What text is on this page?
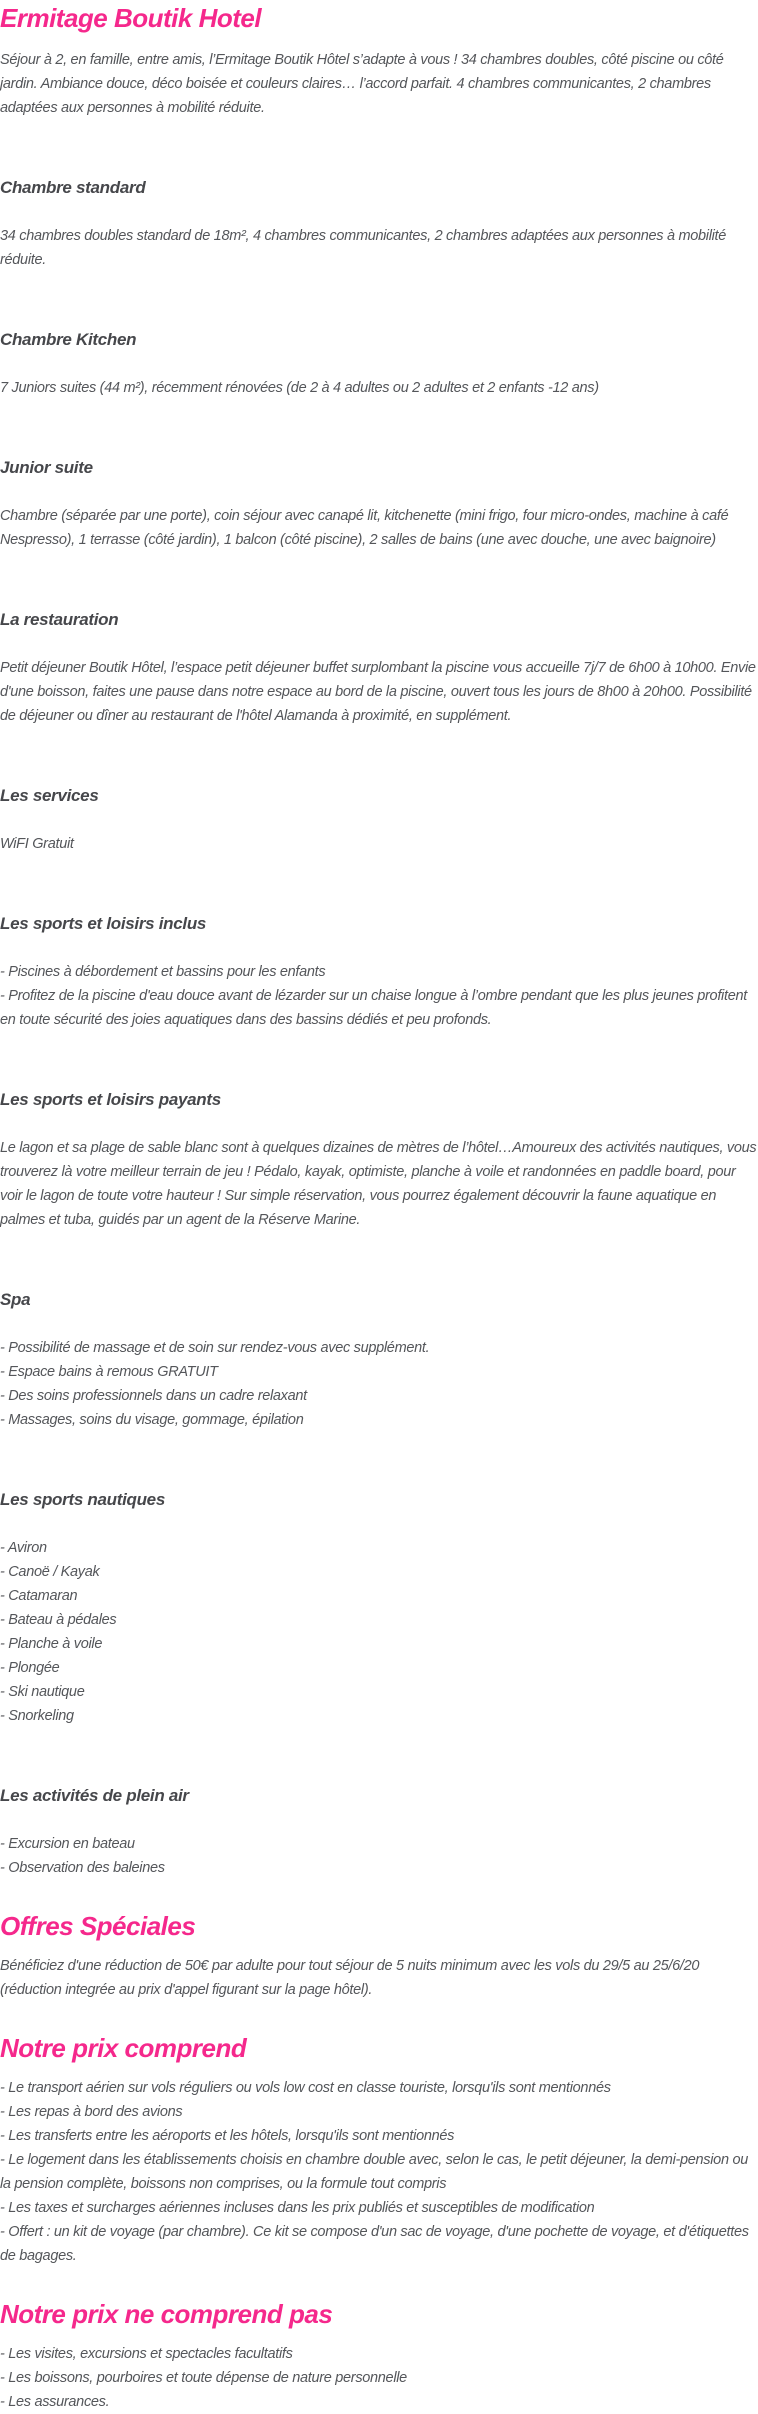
Ermitage Boutik Hotel

Séjour à 2, en famille, entre amis, l’Ermitage Boutik Hôtel s’adapte à vous ! 34 chambres doubles, côté piscine ou côté jardin. Ambiance douce, déco boisée et couleurs claires… l’accord parfait. 4 chambres communicantes, 2 chambres adaptées aux personnes à mobilité réduite.

Chambre standard
34 chambres doubles standard de 18m², 4 chambres communicantes, 2 chambres adaptées aux personnes à mobilité réduite.
Chambre Kitchen
7 Juniors suites (44 m²), récemment rénovées (de 2 à 4 adultes ou 2 adultes et 2 enfants -12 ans)
Junior suite
Chambre (séparée par une porte), coin séjour avec canapé lit, kitchenette (mini frigo, four micro-ondes, machine à café Nespresso), 1 terrasse (côté jardin), 1 balcon (côté piscine), 2 salles de bains (une avec douche, une avec baignoire)
La restauration
Petit déjeuner Boutik Hôtel, l’espace petit déjeuner buffet surplombant la piscine vous accueille 7j/7 de 6h00 à 10h00. Envie d'une boisson, faites une pause dans notre espace au bord de la piscine, ouvert tous les jours de 8h00 à 20h00. Possibilité de déjeuner ou dîner au restaurant de l'hôtel Alamanda à proximité, en supplément.
Les services
WiFI Gratuit
Les sports et loisirs inclus
- Piscines à débordement et bassins pour les enfants
- Profitez de la piscine d'eau douce avant de lézarder sur un chaise longue à l’ombre pendant que les plus jeunes profitent en toute sécurité des joies aquatiques dans des bassins dédiés et peu profonds.
Les sports et loisirs payants
Le lagon et sa plage de sable blanc sont à quelques dizaines de mètres de l’hôtel…Amoureux des activités nautiques, vous trouverez là votre meilleur terrain de jeu ! Pédalo, kayak, optimiste, planche à voile et randonnées en paddle board, pour voir le lagon de toute votre hauteur ! Sur simple réservation, vous pourrez également découvrir la faune aquatique en palmes et tuba, guidés par un agent de la Réserve Marine.
Spa
- Possibilité de massage et de soin sur rendez-vous avec supplément.
- Espace bains à remous GRATUIT
- Des soins professionnels dans un cadre relaxant
- Massages, soins du visage, gommage, épilation
Les sports nautiques
- Aviron
- Canoë / Kayak
- Catamaran
- Bateau à pédales
- Planche à voile
- Plongée
- Ski nautique
- Snorkeling
Les activités de plein air
- Excursion en bateau
- Observation des baleines
Offres Spéciales
Bénéficiez d'une réduction de 50€ par adulte pour tout séjour de 5 nuits minimum avec les vols du 29/5 au 25/6/20 (réduction integrée au prix d'appel figurant sur la page hôtel).
Notre prix comprend
- Le transport aérien sur vols réguliers ou vols low cost en classe touriste, lorsqu'ils sont mentionnés
- Les repas à bord des avions
- Les transferts entre les aéroports et les hôtels, lorsqu'ils sont mentionnés
- Le logement dans les établissements choisis en chambre double avec, selon le cas, le petit déjeuner, la demi-pension ou la pension complète, boissons non comprises, ou la formule tout compris
- Les taxes et surcharges aériennes incluses dans les prix publiés et susceptibles de modification
- Offert : un kit de voyage (par chambre). Ce kit se compose d'un sac de voyage, d'une pochette de voyage, et d'étiquettes de bagages.
Notre prix ne comprend pas
- Les visites, excursions et spectacles facultatifs
- Les boissons, pourboires et toute dépense de nature personnelle
- Les assurances.
